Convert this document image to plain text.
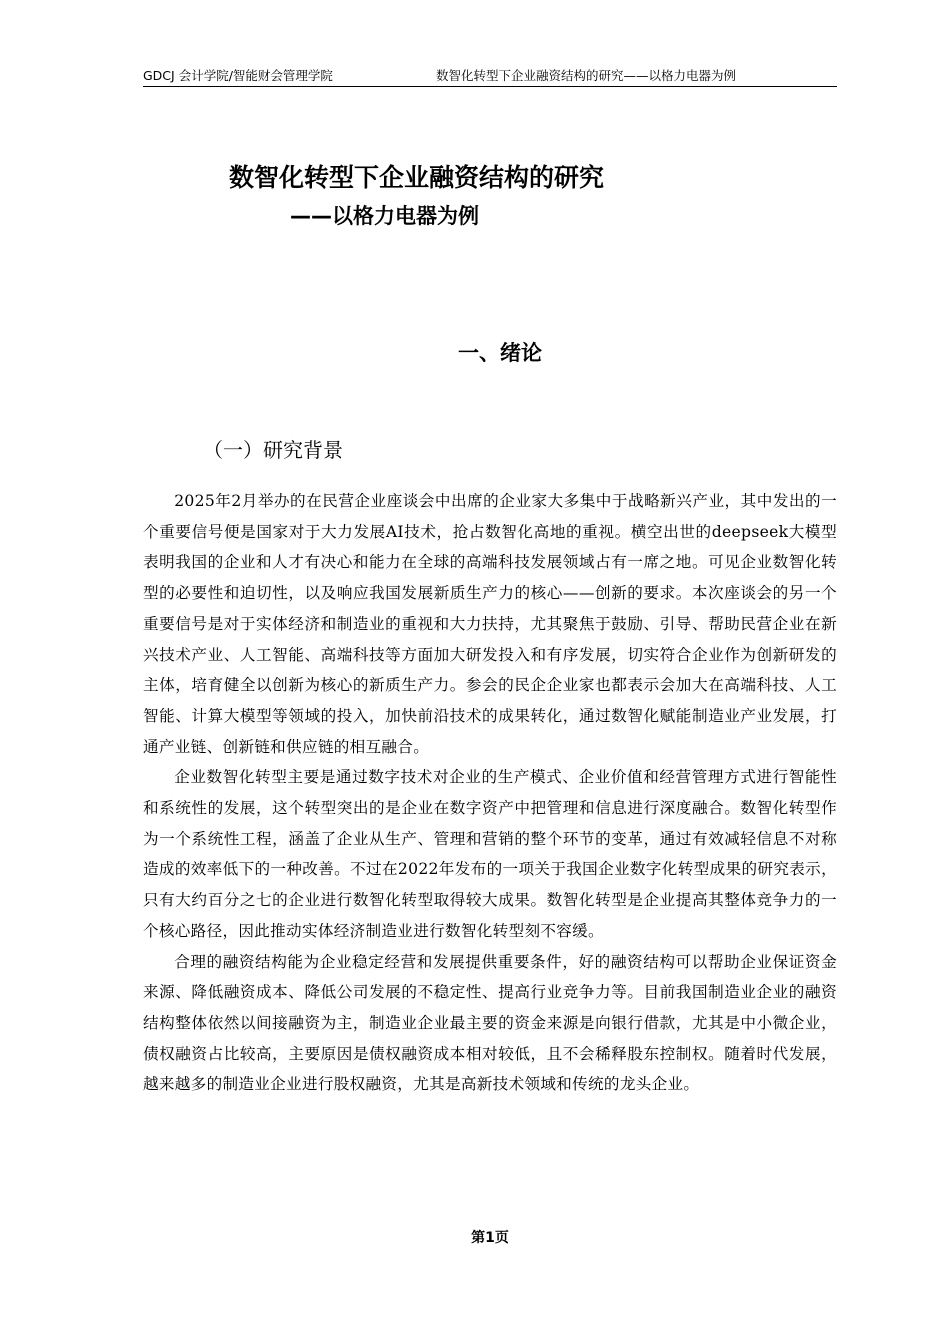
GDCJ 会计学院/智能财会管理学院	数智化转型下企业融资结构的研究——以格力电器为例
数智化转型下企业融资结构的研究
——以格力电器为例
一、绪论
（一）研究背景

2025年2月举办的在民营企业座谈会中出席的企业家大多集中于战略新兴产业，其中发出的一个重要信号便是国家对于大力发展AI技术，抢占数智化高地的重视。横空出世的deepseek大模型表明我国的企业和人才有决心和能力在全球的高端科技发展领域占有一席之地。可见企业数智化转型的必要性和迫切性，以及响应我国发展新质生产力的核心——创新的要求。本次座谈会的另一个重要信号是对于实体经济和制造业的重视和大力扶持，尤其聚焦于鼓励、引导、帮助民营企业在新兴技术产业、人工智能、高端科技等方面加大研发投入和有序发展，切实符合企业作为创新研发的主体，培育健全以创新为核心的新质生产力。参会的民企企业家也都表示会加大在高端科技、人工智能、计算大模型等领域的投入，加快前沿技术的成果转化，通过数智化赋能制造业产业发展，打通产业链、创新链和供应链的相互融合。

企业数智化转型主要是通过数字技术对企业的生产模式、企业价值和经营管理方式进行智能性和系统性的发展，这个转型突出的是企业在数字资产中把管理和信息进行深度融合。数智化转型作为一个系统性工程，涵盖了企业从生产、管理和营销的整个环节的变革，通过有效减轻信息不对称造成的效率低下的一种改善。不过在2022年发布的一项关于我国企业数字化转型成果的研究表示，只有大约百分之七的企业进行数智化转型取得较大成果。数智化转型是企业提高其整体竞争力的一个核心路径，因此推动实体经济制造业进行数智化转型刻不容缓。

合理的融资结构能为企业稳定经营和发展提供重要条件，好的融资结构可以帮助企业保证资金来源、降低融资成本、降低公司发展的不稳定性、提高行业竞争力等。目前我国制造业企业的融资结构整体依然以间接融资为主，制造业企业最主要的资金来源是向银行借款，尤其是中小微企业，债权融资占比较高，主要原因是债权融资成本相对较低，且不会稀释股东控制权。随着时代发展，越来越多的制造业企业进行股权融资，尤其是高新技术领域和传统的龙头企业。

第1页
